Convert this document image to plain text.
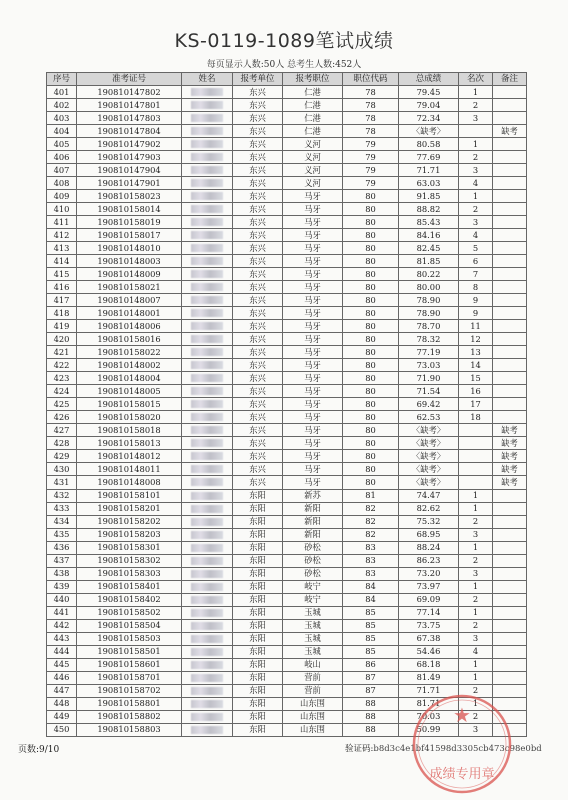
KS-0119-1089笔试成绩
每页显示人数:50人 总考生人数:452人
序号	准考证号	姓名	报考单位	报考职位	职位代码	总成绩	名次	备注
401	190810147802		东兴	仁港	78	79.45	1	
402	190810147801		东兴	仁港	78	79.04	2	
403	190810147803		东兴	仁港	78	72.34	3	
404	190810147804		东兴	仁港	78	〈缺考〉		缺考
405	190810147902		东兴	义河	79	80.58	1	
406	190810147903		东兴	义河	79	77.69	2	
407	190810147904		东兴	义河	79	71.71	3	
408	190810147901		东兴	义河	79	63.03	4	
409	190810158023		东兴	马牙	80	91.85	1	
410	190810158014		东兴	马牙	80	88.82	2	
411	190810158019		东兴	马牙	80	85.43	3	
412	190810158017		东兴	马牙	80	84.16	4	
413	190810148010		东兴	马牙	80	82.45	5	
414	190810148003		东兴	马牙	80	81.85	6	
415	190810148009		东兴	马牙	80	80.22	7	
416	190810158021		东兴	马牙	80	80.00	8	
417	190810148007		东兴	马牙	80	78.90	9	
418	190810148001		东兴	马牙	80	78.90	9	
419	190810148006		东兴	马牙	80	78.70	11	
420	190810158016		东兴	马牙	80	78.32	12	
421	190810158022		东兴	马牙	80	77.19	13	
422	190810148002		东兴	马牙	80	73.03	14	
423	190810148004		东兴	马牙	80	71.90	15	
424	190810148005		东兴	马牙	80	71.54	16	
425	190810158015		东兴	马牙	80	69.42	17	
426	190810158020		东兴	马牙	80	62.53	18	
427	190810158018		东兴	马牙	80	〈缺考〉		缺考
428	190810158013		东兴	马牙	80	〈缺考〉		缺考
429	190810148012		东兴	马牙	80	〈缺考〉		缺考
430	190810148011		东兴	马牙	80	〈缺考〉		缺考
431	190810148008		东兴	马牙	80	〈缺考〉		缺考
432	190810158101		东阳	新苏	81	74.47	1	
433	190810158201		东阳	新阳	82	82.62	1	
434	190810158202		东阳	新阳	82	75.32	2	
435	190810158203		东阳	新阳	82	68.95	3	
436	190810158301		东阳	砂松	83	88.24	1	
437	190810158302		东阳	砂松	83	86.23	2	
438	190810158303		东阳	砂松	83	73.20	3	
439	190810158401		东阳	岐宁	84	73.97	1	
440	190810158402		东阳	岐宁	84	69.09	2	
441	190810158502		东阳	玉城	85	77.14	1	
442	190810158504		东阳	玉城	85	73.75	2	
443	190810158503		东阳	玉城	85	67.38	3	
444	190810158501		东阳	玉城	85	54.46	4	
445	190810158601		东阳	岐山	86	68.18	1	
446	190810158701		东阳	营前	87	81.49	1	
447	190810158702		东阳	营前	87	71.71	2	
448	190810158801		东阳	山东围	88	81.71	1	
449	190810158802		东阳	山东围	88	70.03	2	
450	190810158803		东阳	山东围	88	50.99	3	
页数:9/10	验证码:b8d3c4e1bf41598d3305cb473c98e0bd
★
成绩专用章
